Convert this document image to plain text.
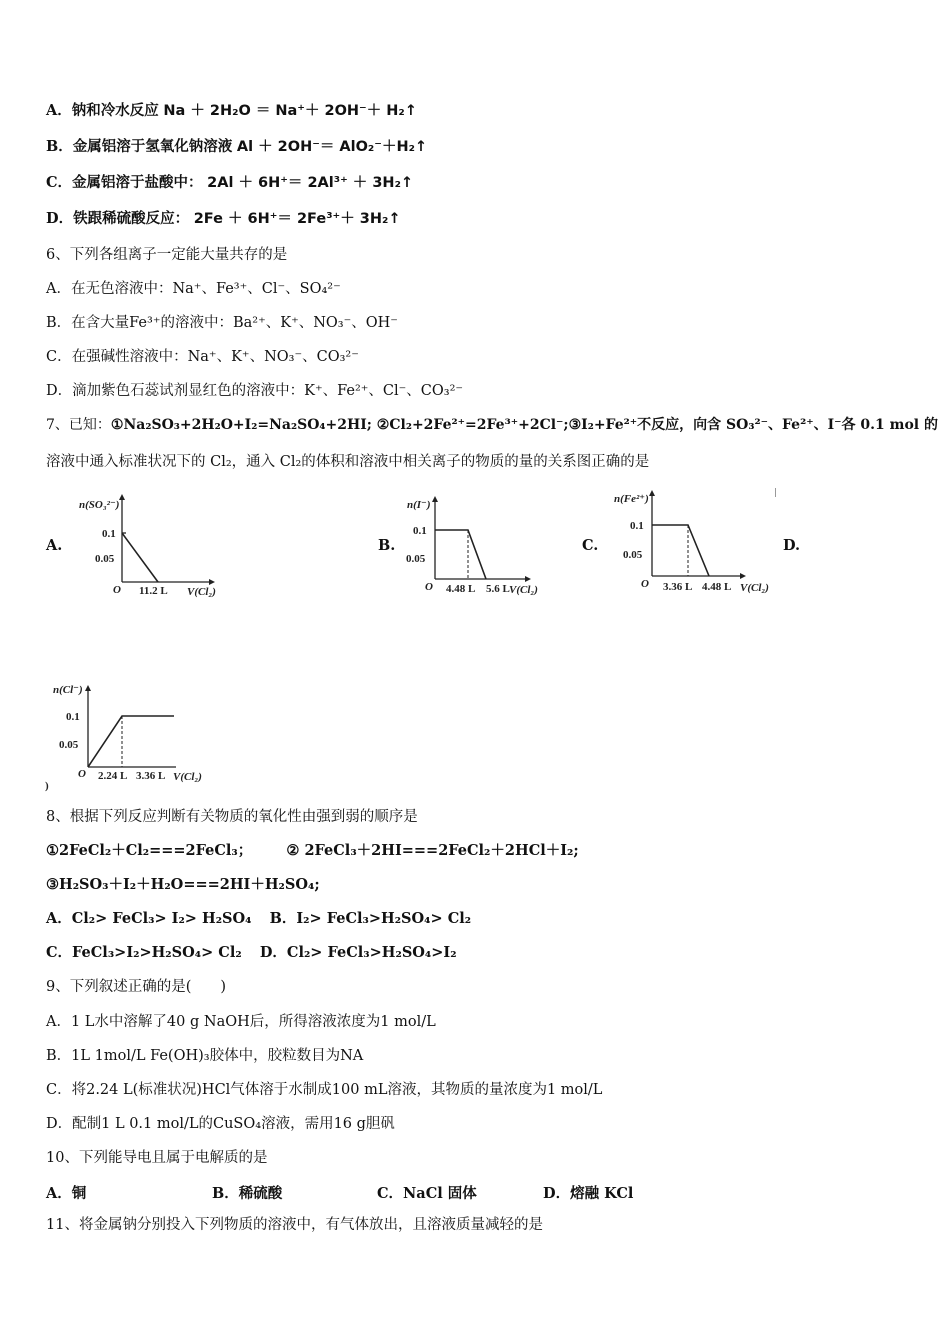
A．钠和冷水反应 Na ＋ 2H₂O ＝ Na⁺＋ 2OH⁻＋ H₂↑
B．金属铝溶于氢氧化钠溶液 Al ＋ 2OH⁻＝ AlO₂⁻＋H₂↑
C．金属铝溶于盐酸中： 2Al ＋ 6H⁺＝ 2Al³⁺ ＋ 3H₂↑
D．铁跟稀硫酸反应： 2Fe ＋ 6H⁺＝ 2Fe³⁺＋ 3H₂↑
6、下列各组离子一定能大量共存的是
A．在无色溶液中：Na⁺、Fe³⁺、Cl⁻、SO₄²⁻
B．在含大量Fe³⁺的溶液中：Ba²⁺、K⁺、NO₃⁻、OH⁻
C．在强碱性溶液中：Na⁺、K⁺、NO₃⁻、CO₃²⁻
D．滴加紫色石蕊试剂显红色的溶液中：K⁺、Fe²⁺、Cl⁻、CO₃²⁻
7、已知：①Na₂SO₃+2H₂O+I₂=Na₂SO₄+2HI; ②Cl₂+2Fe²⁺=2Fe³⁺+2Cl⁻;③I₂+Fe²⁺不反应，向含 SO₃²⁻、Fe²⁺、I⁻各 0.1 mol 的
溶液中通入标准状况下的 Cl₂，通入 Cl₂的体积和溶液中相关离子的物质的量的关系图正确的是
A.	B.	C.	D.
n(SO₃²⁻)
0.1
0.05
O 11.2 L V(Cl₂)
n(I⁻)
0.1
0.05
O 4.48 L 5.6 L V(Cl₂)
n(Fe²⁺)
0.1
0.05
O 3.36 L 4.48 L V(Cl₂)
n(Cl⁻)
0.1
0.05
O 2.24 L 3.36 L V(Cl₂)
)
8、根据下列反应判断有关物质的氧化性由强到弱的顺序是
①2FeCl₂＋Cl₂===2FeCl₃； ② 2FeCl₃＋2HI===2FeCl₂＋2HCl＋I₂;
③H₂SO₃＋I₂＋H₂O===2HI＋H₂SO₄;
A．Cl₂> FeCl₃> I₂> H₂SO₄ B．I₂> FeCl₃>H₂SO₄> Cl₂
C．FeCl₃>I₂>H₂SO₄> Cl₂ D．Cl₂> FeCl₃>H₂SO₄>I₂
9、下列叙述正确的是(　　)
A．1 L水中溶解了40 g NaOH后，所得溶液浓度为1 mol/L
B．1L 1mol/L Fe(OH)₃胶体中，胶粒数目为NA
C．将2.24 L(标准状况)HCl气体溶于水制成100 mL溶液，其物质的量浓度为1 mol/L
D．配制1 L 0.1 mol/L的CuSO₄溶液，需用16 g胆矾
10、下列能导电且属于电解质的是
A．铜	B．稀硫酸	C．NaCl 固体	D．熔融 KCl
11、将金属钠分别投入下列物质的溶液中，有气体放出，且溶液质量减轻的是
